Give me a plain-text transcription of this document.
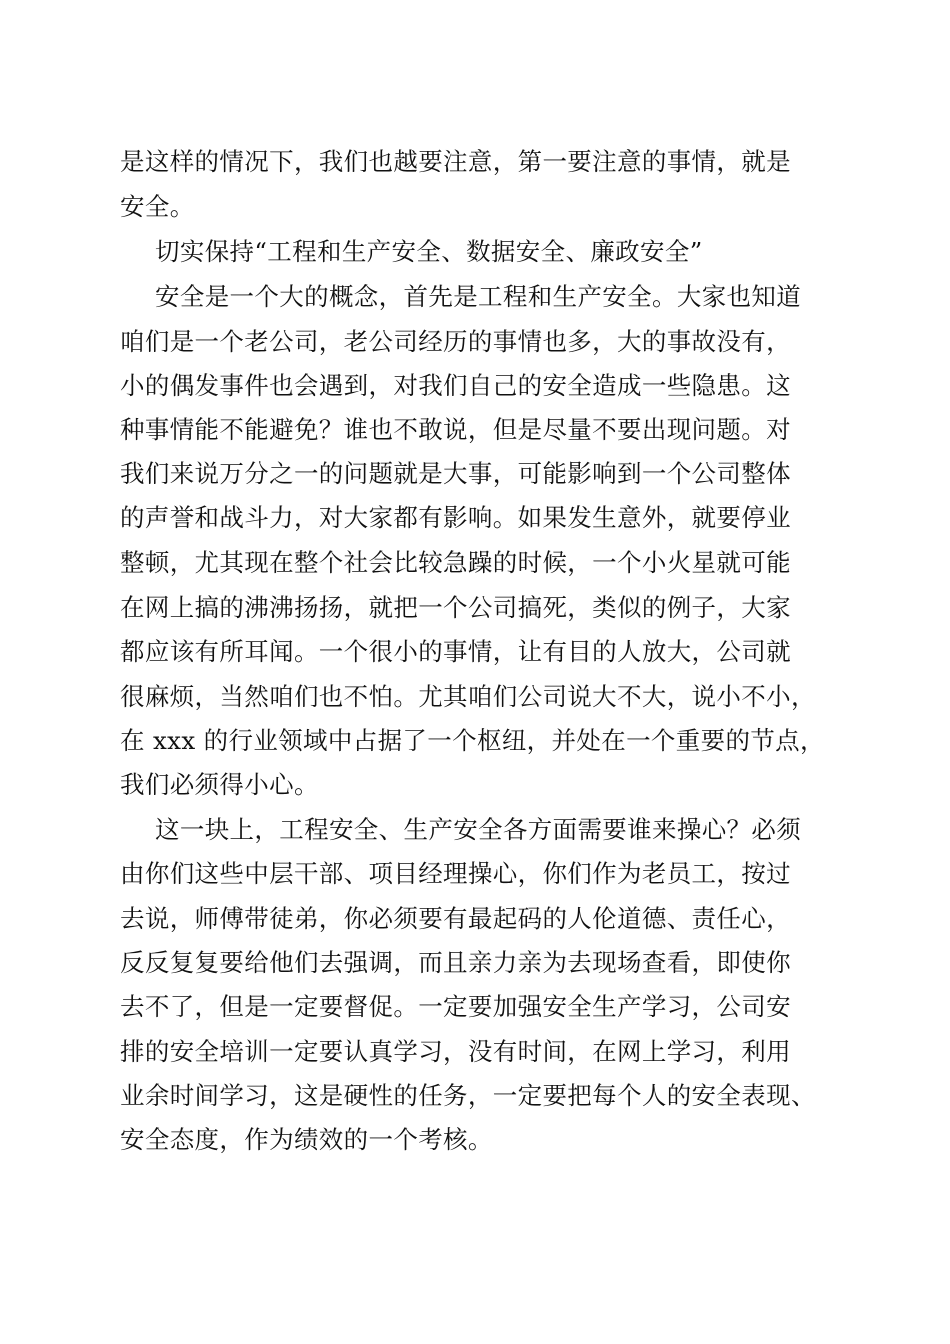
是这样的情况下，我们也越要注意，第一要注意的事情，就是
安全。
切实保持“工程和生产安全、数据安全、廉政安全”
安全是一个大的概念，首先是工程和生产安全。大家也知道
咱们是一个老公司，老公司经历的事情也多，大的事故没有，
小的偶发事件也会遇到，对我们自己的安全造成一些隐患。这
种事情能不能避免？谁也不敢说，但是尽量不要出现问题。对
我们来说万分之一的问题就是大事，可能影响到一个公司整体
的声誉和战斗力，对大家都有影响。如果发生意外，就要停业
整顿，尤其现在整个社会比较急躁的时候，一个小火星就可能
在网上搞的沸沸扬扬，就把一个公司搞死，类似的例子，大家
都应该有所耳闻。一个很小的事情，让有目的人放大，公司就
很麻烦，当然咱们也不怕。尤其咱们公司说大不大，说小不小，
在 xxx 的行业领域中占据了一个枢纽，并处在一个重要的节点，
我们必须得小心。
这一块上，工程安全、生产安全各方面需要谁来操心？必须
由你们这些中层干部、项目经理操心，你们作为老员工，按过
去说，师傅带徒弟，你必须要有最起码的人伦道德、责任心，
反反复复要给他们去强调，而且亲力亲为去现场查看，即使你
去不了，但是一定要督促。一定要加强安全生产学习，公司安
排的安全培训一定要认真学习，没有时间，在网上学习，利用
业余时间学习，这是硬性的任务，一定要把每个人的安全表现、
安全态度，作为绩效的一个考核。
